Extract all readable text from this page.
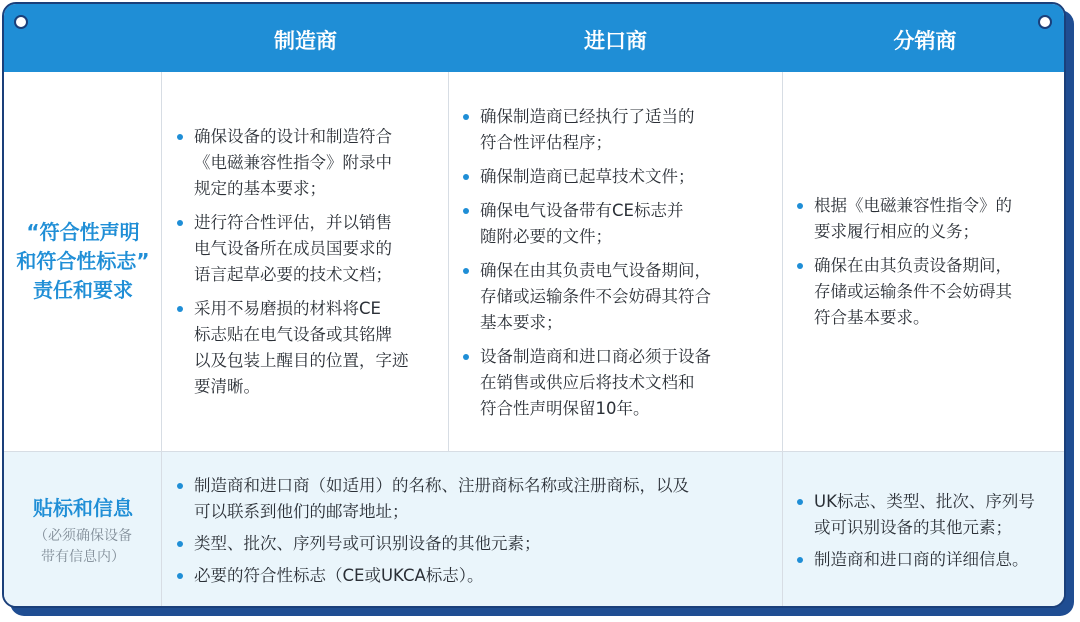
制造商	进口商	分销商
“符合性声明
和符合性标志”
责任和要求
确保设备的设计和制造符合
《电磁兼容性指令》附录中
规定的基本要求；
进行符合性评估，并以销售
电气设备所在成员国要求的
语言起草必要的技术文档；
采用不易磨损的材料将CE
标志贴在电气设备或其铭牌
以及包装上醒目的位置，字迹
要清晰。
确保制造商已经执行了适当的
符合性评估程序；
确保制造商已起草技术文件；
确保电气设备带有CE标志并
随附必要的文件；
确保在由其负责电气设备期间，
存储或运输条件不会妨碍其符合
基本要求；
设备制造商和进口商必须于设备
在销售或供应后将技术文档和
符合性声明保留10年。
根据《电磁兼容性指令》的
要求履行相应的义务；
确保在由其负责设备期间，
存储或运输条件不会妨碍其
符合基本要求。
贴标和信息
（必须确保设备
带有信息内）
制造商和进口商（如适用）的名称、注册商标名称或注册商标，以及
可以联系到他们的邮寄地址；
类型、批次、序列号或可识别设备的其他元素；
必要的符合性标志（CE或UKCA标志）。
UK标志、类型、批次、序列号
或可识别设备的其他元素；
制造商和进口商的详细信息。
